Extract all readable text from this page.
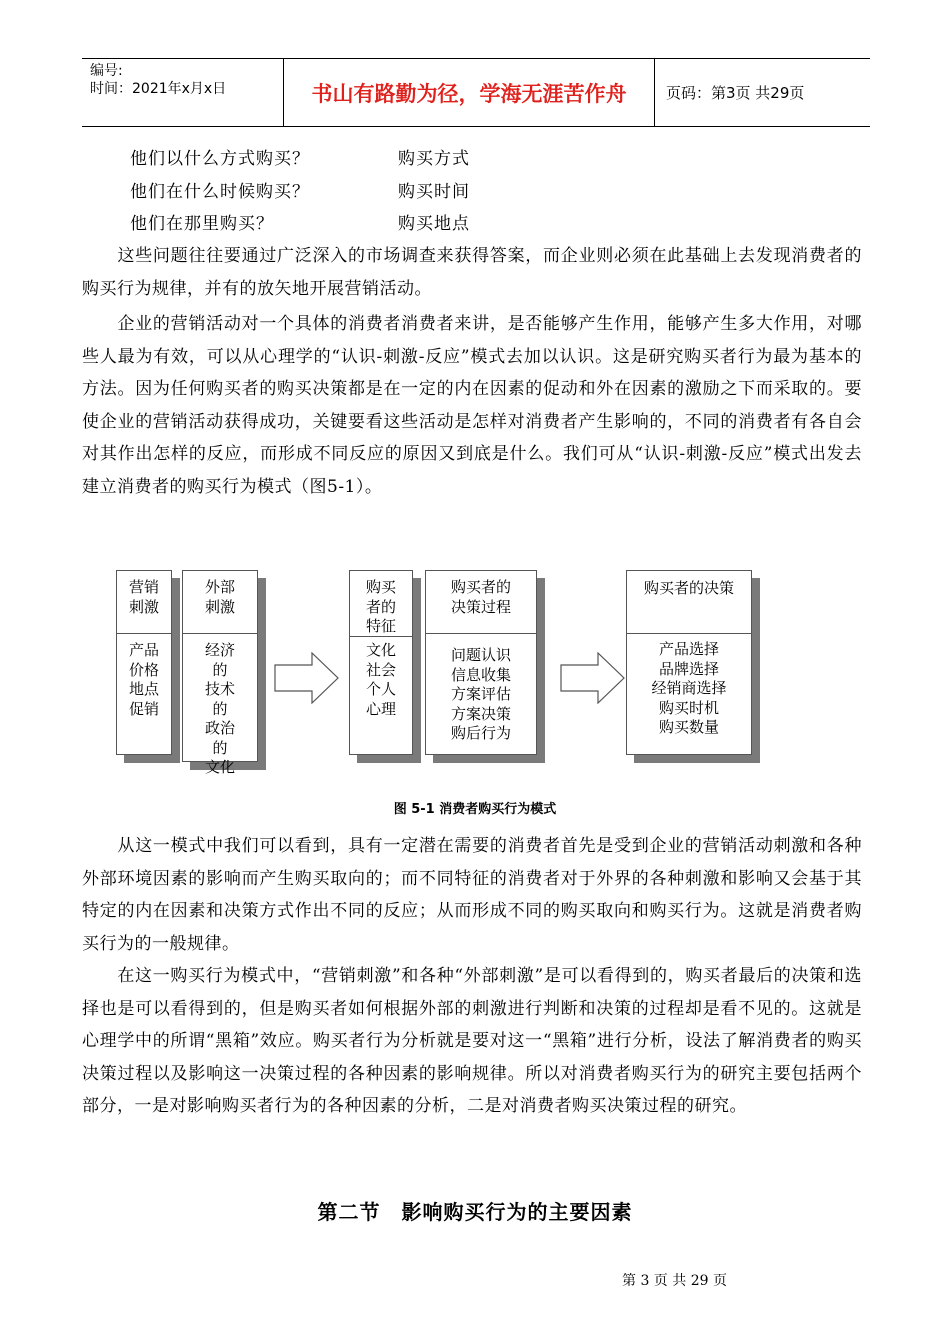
编号:
时间：2021年x月x日	书山有路勤为径，学海无涯苦作舟	页码：第3页 共29页
他们以什么方式购买？	购买方式
他们在什么时候购买？	购买时间
他们在那里购买？	购买地点
　　这些问题往往要通过广泛深入的市场调查来获得答案，而企业则必须在此基础上去发现消费者的购买行为规律，并有的放矢地开展营销活动。
　　企业的营销活动对一个具体的消费者消费者来讲，是否能够产生作用，能够产生多大作用，对哪些人最为有效，可以从心理学的“认识-刺激-反应”模式去加以认识。这是研究购买者行为最为基本的方法。因为任何购买者的购买决策都是在一定的内在因素的促动和外在因素的激励之下而采取的。要使企业的营销活动获得成功，关键要看这些活动是怎样对消费者产生影响的，不同的消费者有各自会对其作出怎样的反应，而形成不同反应的原因又到底是什么。我们可从“认识-刺激-反应”模式出发去建立消费者的购买行为模式（图5-1）。
营销
刺激
产品
价格
地点
促销
外部
刺激
经济
的
技术
的
政治
的
文化
购买
者的
特征
文化
社会
个人
心理
购买者的
决策过程
问题认识
信息收集
方案评估
方案决策
购后行为
购买者的决策
产品选择
品牌选择
经销商选择
购买时机
购买数量
图 5-1 消费者购买行为模式
　　从这一模式中我们可以看到，具有一定潜在需要的消费者首先是受到企业的营销活动刺激和各种外部环境因素的影响而产生购买取向的；而不同特征的消费者对于外界的各种刺激和影响又会基于其特定的内在因素和决策方式作出不同的反应；从而形成不同的购买取向和购买行为。这就是消费者购买行为的一般规律。
　　在这一购买行为模式中，“营销刺激”和各种“外部刺激”是可以看得到的，购买者最后的决策和选择也是可以看得到的，但是购买者如何根据外部的刺激进行判断和决策的过程却是看不见的。这就是心理学中的所谓“黑箱”效应。购买者行为分析就是要对这一“黑箱”进行分析，设法了解消费者的购买决策过程以及影响这一决策过程的各种因素的影响规律。所以对消费者购买行为的研究主要包括两个部分，一是对影响购买者行为的各种因素的分析，二是对消费者购买决策过程的研究。
第二节　影响购买行为的主要因素
第 3 页 共 29 页
